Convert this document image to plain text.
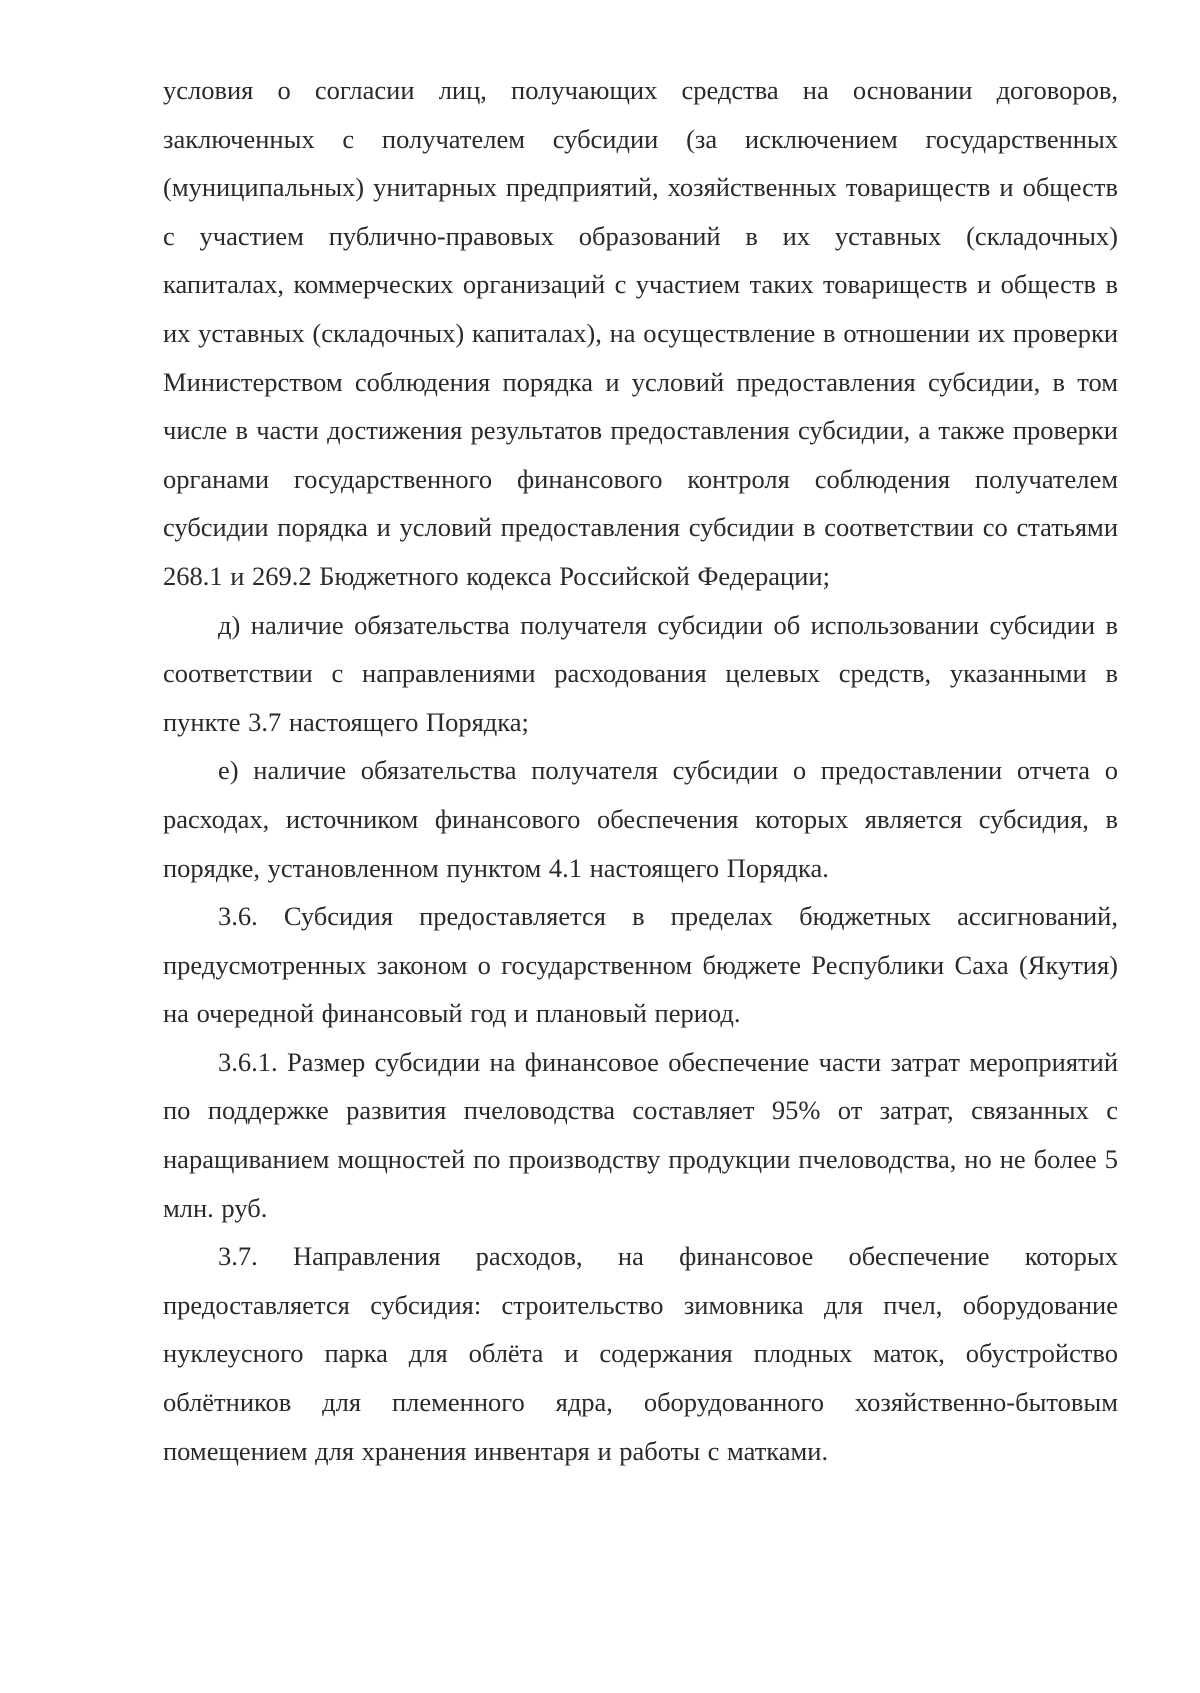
условия о согласии лиц, получающих средства на основании договоров, заключенных с получателем субсидии (за исключением государственных (муниципальных) унитарных предприятий, хозяйственных товариществ и обществ с участием публично-правовых образований в их уставных (складочных) капиталах, коммерческих организаций с участием таких товариществ и обществ в их уставных (складочных) капиталах), на осуществление в отношении их проверки Министерством соблюдения порядка и условий предоставления субсидии, в том числе в части достижения результатов предоставления субсидии, а также проверки органами государственного финансового контроля соблюдения получателем субсидии порядка и условий предоставления субсидии в соответствии со статьями 268.1 и 269.2 Бюджетного кодекса Российской Федерации;

д) наличие обязательства получателя субсидии об использовании субсидии в соответствии с направлениями расходования целевых средств, указанными в пункте 3.7 настоящего Порядка;

е) наличие обязательства получателя субсидии о предоставлении отчета о расходах, источником финансового обеспечения которых является субсидия, в порядке, установленном пунктом 4.1 настоящего Порядка.

3.6. Субсидия предоставляется в пределах бюджетных ассигнований, предусмотренных законом о государственном бюджете Республики Саха (Якутия) на очередной финансовый год и плановый период.

3.6.1. Размер субсидии на финансовое обеспечение части затрат мероприятий по поддержке развития пчеловодства составляет 95% от затрат, связанных с наращиванием мощностей по производству продукции пчеловодства, но не более 5 млн. руб.

3.7. Направления расходов, на финансовое обеспечение которых предоставляется субсидия: строительство зимовника для пчел, оборудование нуклеусного парка для облёта и содержания плодных маток, обустройство облётников для племенного ядра, оборудованного хозяйственно-бытовым помещением для хранения инвентаря и работы с матками.
